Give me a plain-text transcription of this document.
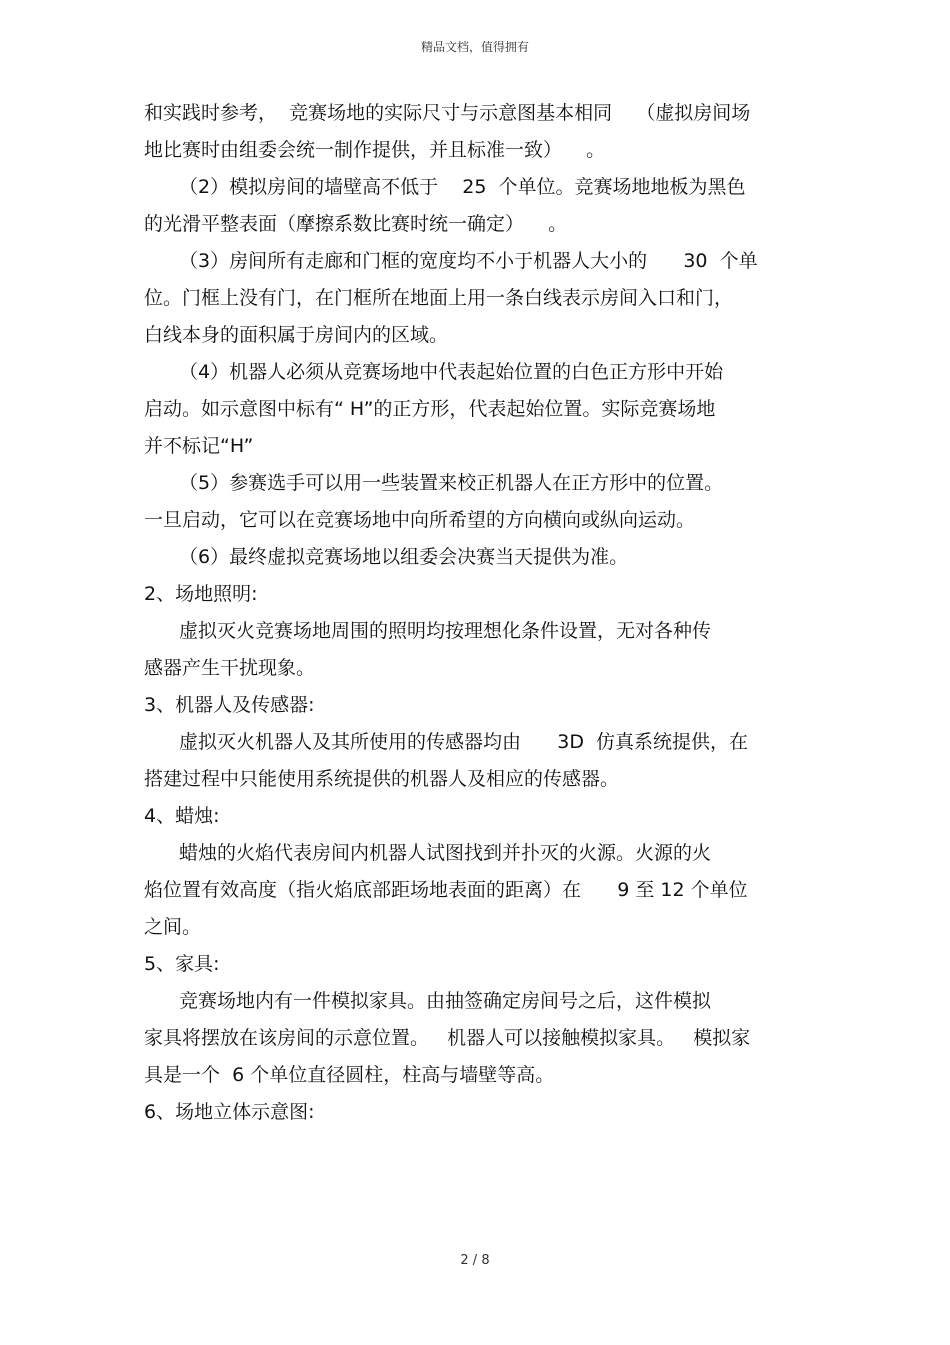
精品文档，值得拥有
和实践时参考，  竞赛场地的实际尺寸与示意图基本相同    （虚拟房间场
地比赛时由组委会统一制作提供，并且标准一致）    。
（2）模拟房间的墙壁高不低于    25  个单位。竞赛场地地板为黑色
的光滑平整表面（摩擦系数比赛时统一确定）    。
（3）房间所有走廊和门框的宽度均不小于机器人大小的      30  个单
位。门框上没有门，在门框所在地面上用一条白线表示房间入口和门，
白线本身的面积属于房间内的区域。
（4）机器人必须从竞赛场地中代表起始位置的白色正方形中开始
启动。如示意图中标有“ H”的正方形，代表起始位置。实际竞赛场地
并不标记“H”
（5）参赛选手可以用一些装置来校正机器人在正方形中的位置。
一旦启动，它可以在竞赛场地中向所希望的方向横向或纵向运动。
（6）最终虚拟竞赛场地以组委会决赛当天提供为准。
2、场地照明:
虚拟灭火竞赛场地周围的照明均按理想化条件设置，无对各种传
感器产生干扰现象。
3、机器人及传感器:
虚拟灭火机器人及其所使用的传感器均由      3D  仿真系统提供，在
搭建过程中只能使用系统提供的机器人及相应的传感器。
4、蜡烛:
蜡烛的火焰代表房间内机器人试图找到并扑灭的火源。火源的火
焰位置有效高度（指火焰底部距场地表面的距离）在      9 至 12 个单位
之间。
5、家具:
竞赛场地内有一件模拟家具。由抽签确定房间号之后，这件模拟
家具将摆放在该房间的示意位置。   机器人可以接触模拟家具。   模拟家
具是一个  6 个单位直径圆柱，柱高与墙壁等高。
6、场地立体示意图:
2 / 8
